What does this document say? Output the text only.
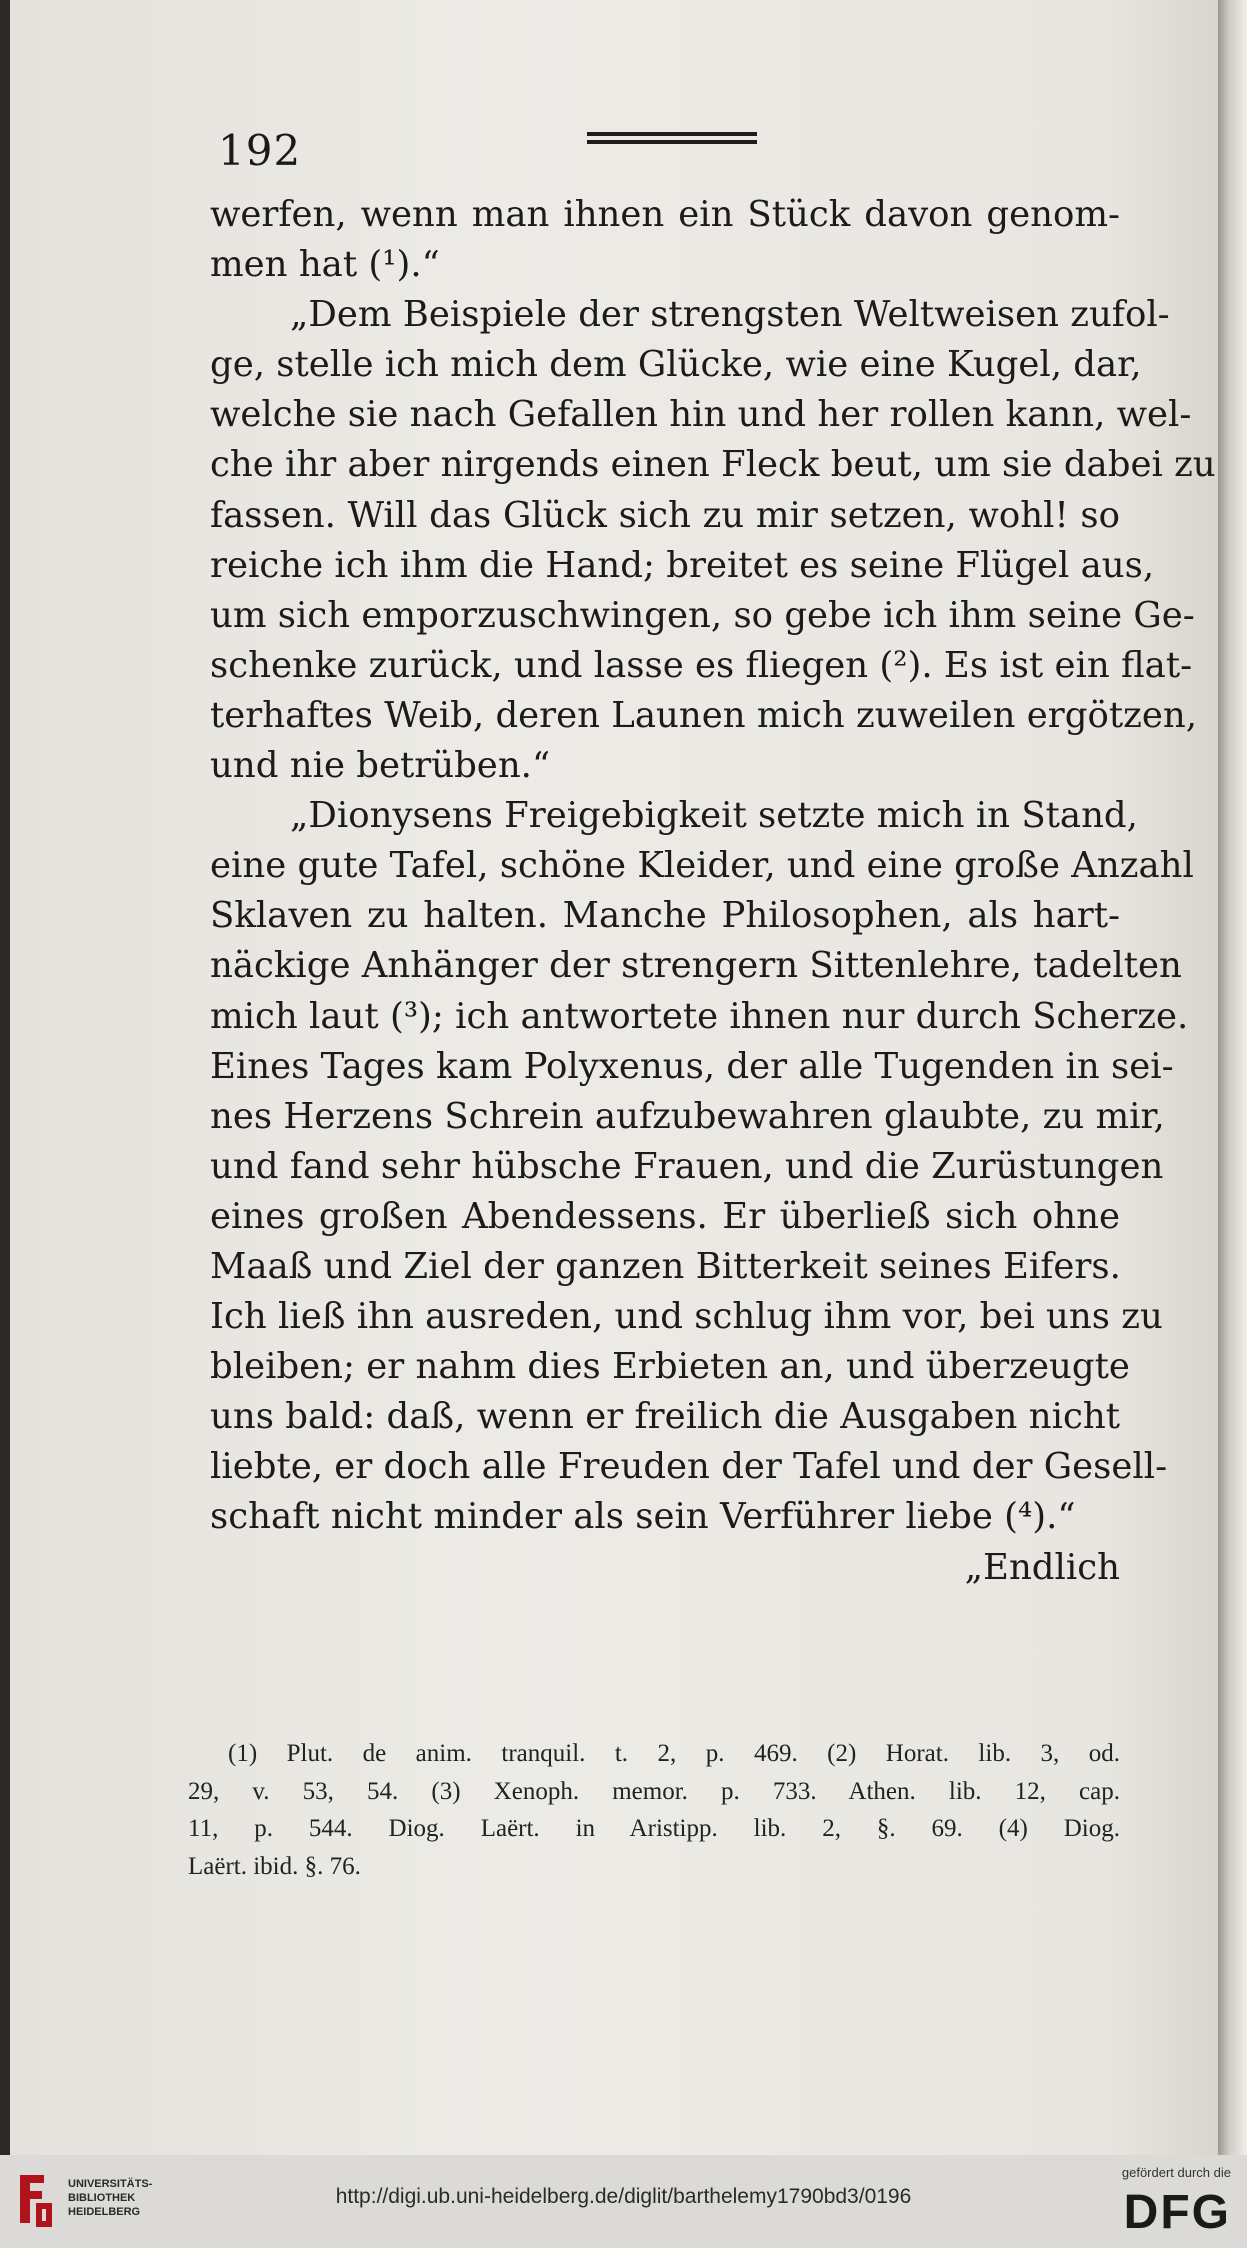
192
werfen, wenn man ihnen ein Stück davon genom-
men hat (¹).“
„Dem Beispiele der strengsten Weltweisen zufol-
ge, stelle ich mich dem Glücke, wie eine Kugel, dar,
welche sie nach Gefallen hin und her rollen kann, wel-
che ihr aber nirgends einen Fleck beut, um sie dabei zu
fassen. Will das Glück sich zu mir setzen, wohl! so
reiche ich ihm die Hand; breitet es seine Flügel aus,
um sich emporzuschwingen, so gebe ich ihm seine Ge-
schenke zurück, und lasse es fliegen (²). Es ist ein flat-
terhaftes Weib, deren Launen mich zuweilen ergötzen,
und nie betrüben.“
„Dionysens Freigebigkeit setzte mich in Stand,
eine gute Tafel, schöne Kleider, und eine große Anzahl
Sklaven zu halten. Manche Philosophen, als hart-
näckige Anhänger der strengern Sittenlehre, tadelten
mich laut (³); ich antwortete ihnen nur durch Scherze.
Eines Tages kam Polyxenus, der alle Tugenden in sei-
nes Herzens Schrein aufzubewahren glaubte, zu mir,
und fand sehr hübsche Frauen, und die Zurüstungen
eines großen Abendessens. Er überließ sich ohne
Maaß und Ziel der ganzen Bitterkeit seines Eifers.
Ich ließ ihn ausreden, und schlug ihm vor, bei uns zu
bleiben; er nahm dies Erbieten an, und überzeugte
uns bald: daß, wenn er freilich die Ausgaben nicht
liebte, er doch alle Freuden der Tafel und der Gesell-
schaft nicht minder als sein Verführer liebe (⁴).“
„Endlich
(1) Plut. de anim. tranquil. t. 2, p. 469. (2) Horat. lib. 3, od.
29, v. 53, 54. (3) Xenoph. memor. p. 733. Athen. lib. 12, cap.
11, p. 544. Diog. Laërt. in Aristipp. lib. 2, §. 69. (4) Diog.
Laërt. ibid. §. 76.
UNIVERSITÄTS-
BIBLIOTHEK
HEIDELBERG
http://digi.ub.uni-heidelberg.de/diglit/barthelemy1790bd3/0196
gefördert durch die
DFG
